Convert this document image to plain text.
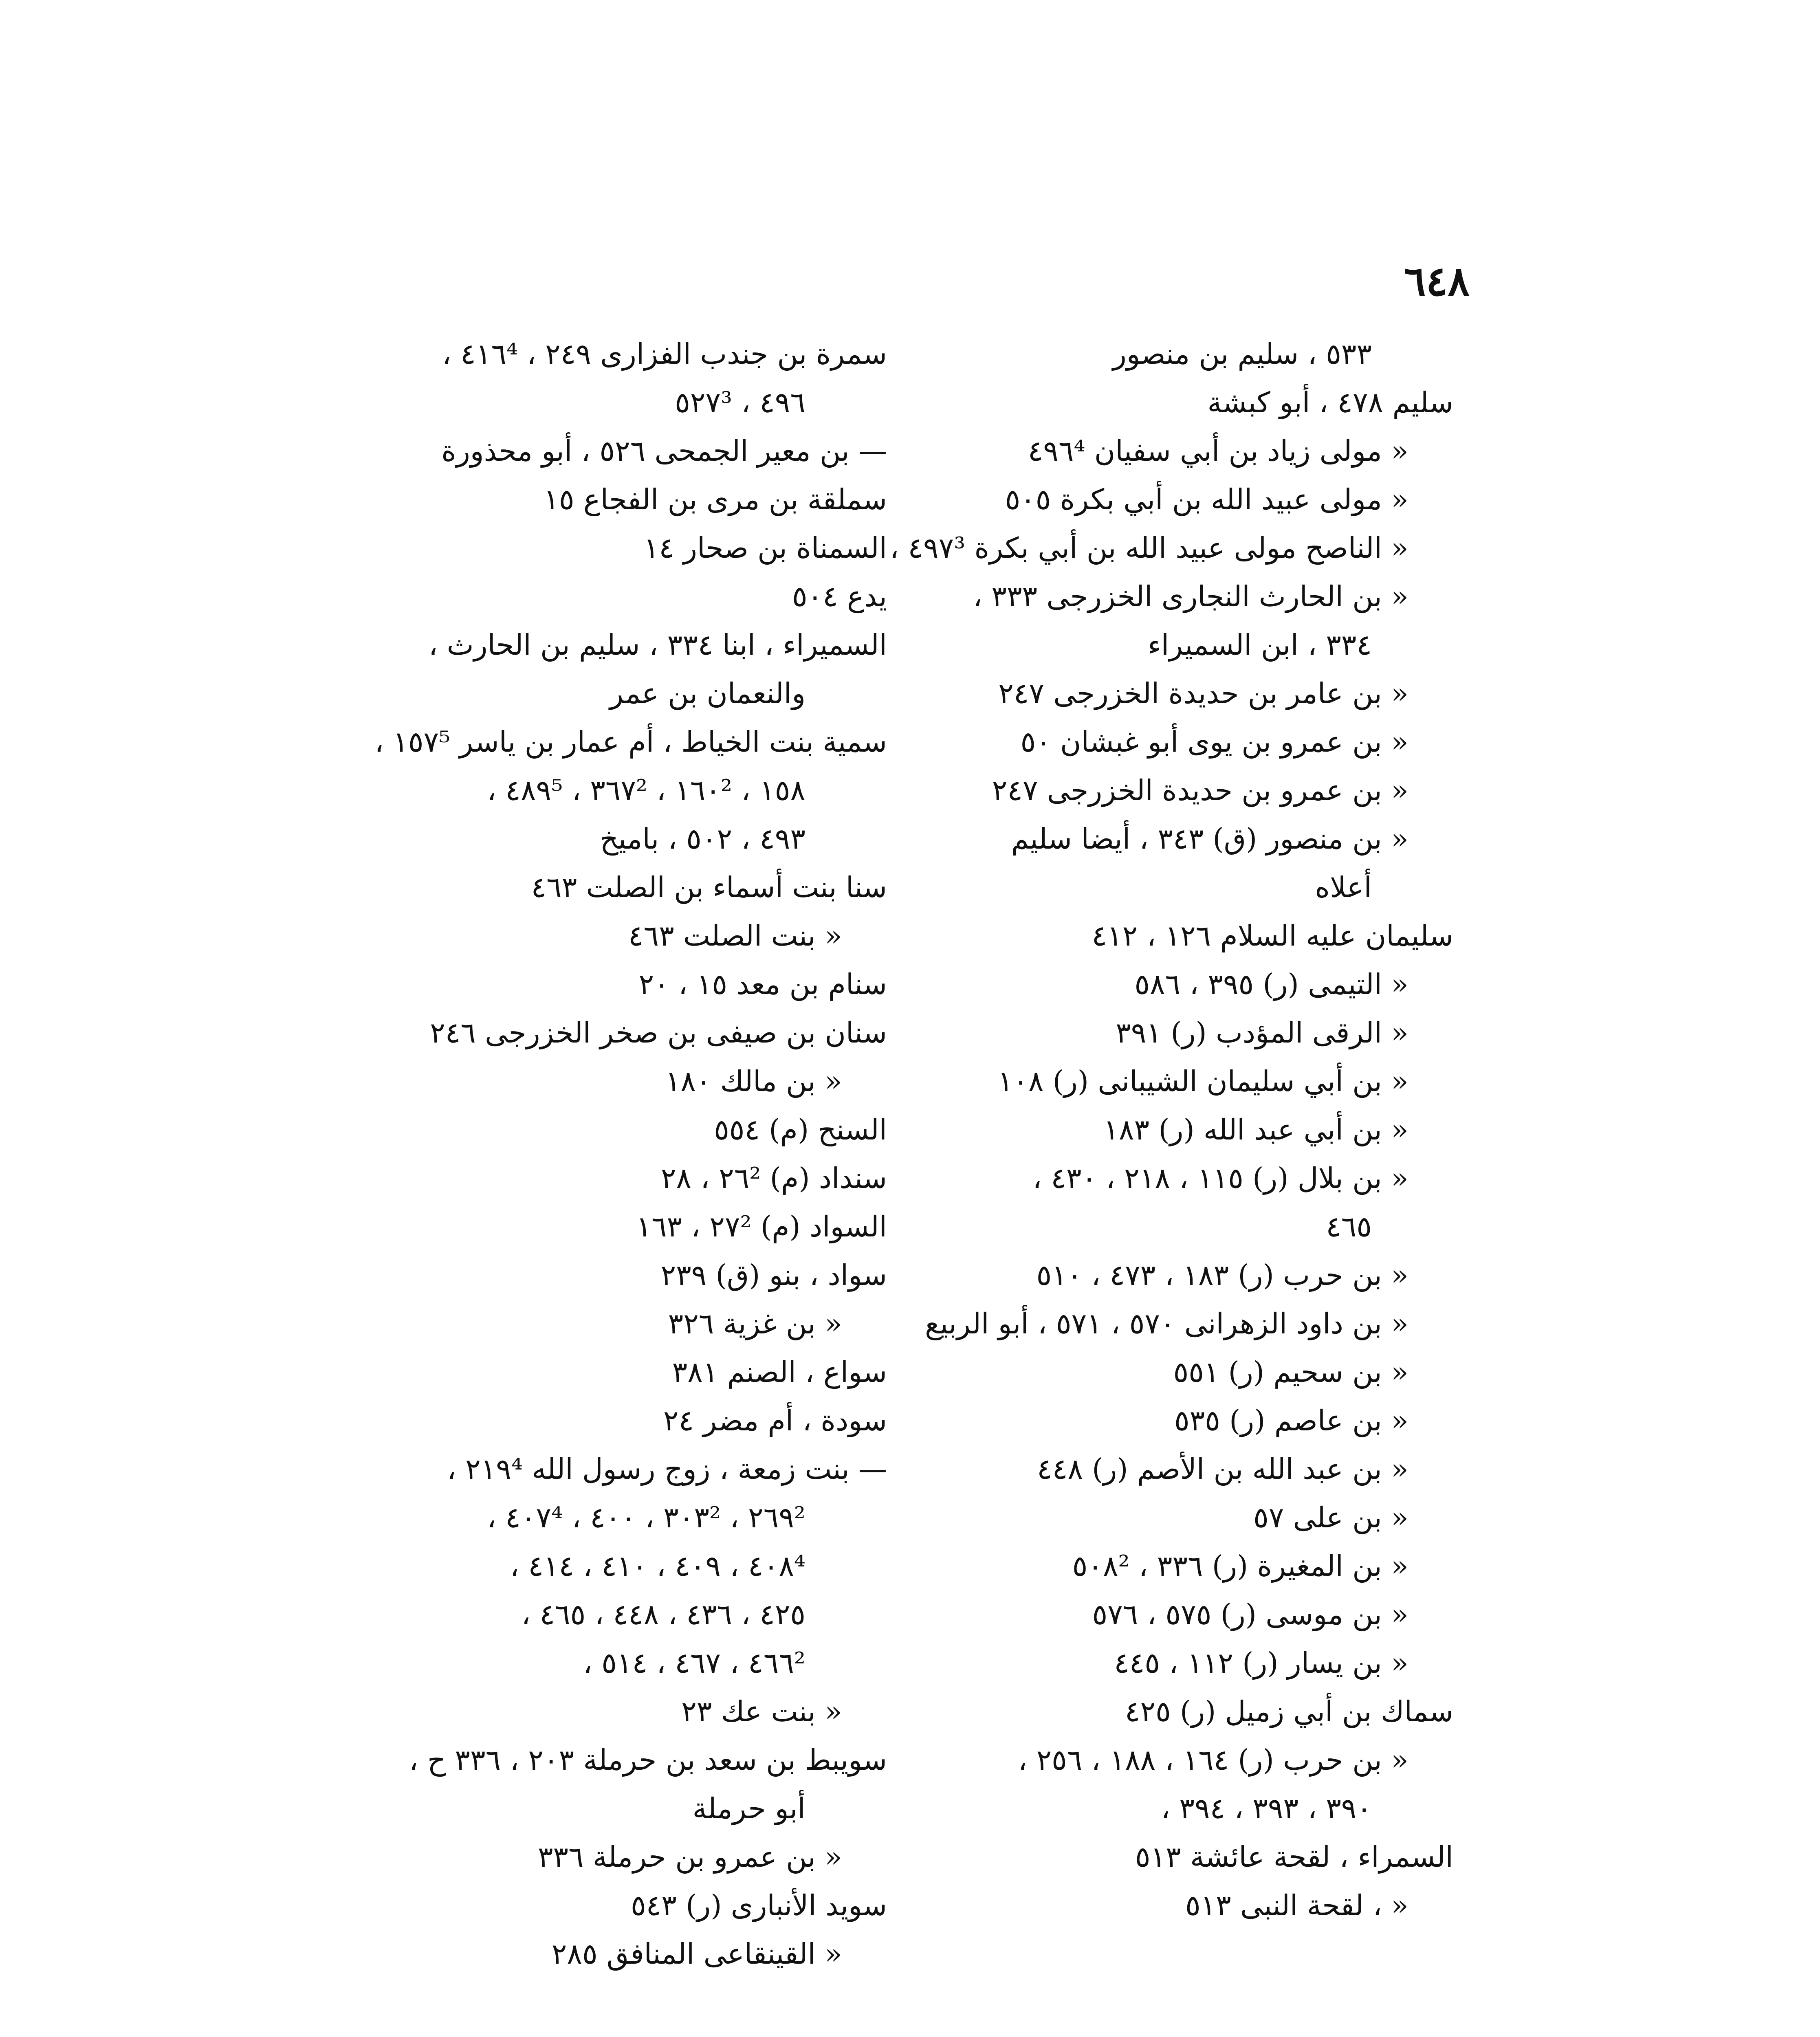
٦٤٨
٥٣٣ ، سليم بن منصور
سليم ٤٧٨ ، أبو كبشة
« مولى زياد بن أبي سفيان ٤٩٦⁴
« مولى عبيد الله بن أبي بكرة ٥٠٥
« الناصح مولى عبيد الله بن أبي بكرة ٤٩٧³ ،
« بن الحارث النجارى الخزرجى ٣٣٣ ،
٣٣٤ ، ابن السميراء
« بن عامر بن حديدة الخزرجى ٢٤٧
« بن عمرو بن يوى أبو غبشان ٥٠
« بن عمرو بن حديدة الخزرجى ٢٤٧
« بن منصور (ق) ٣٤٣ ، أيضا سليم
أعلاه
سليمان عليه السلام ١٢٦ ، ٤١٢
« التيمى (ر) ٣٩٥ ، ٥٨٦
« الرقى المؤدب (ر) ٣٩١
« بن أبي سليمان الشيبانى (ر) ١٠٨
« بن أبي عبد الله (ر) ١٨٣
« بن بلال (ر) ١١٥ ، ٢١٨ ، ٤٣٠ ،
٤٦٥
« بن حرب (ر) ١٨٣ ، ٤٧٣ ، ٥١٠
« بن داود الزهرانى ٥٧٠ ، ٥٧١ ، أبو الربيع
« بن سحيم (ر) ٥٥١
« بن عاصم (ر) ٥٣٥
« بن عبد الله بن الأصم (ر) ٤٤٨
« بن على ٥٧
« بن المغيرة (ر) ٣٣٦ ، ٥٠٨²
« بن موسى (ر) ٥٧٥ ، ٥٧٦
« بن يسار (ر) ١١٢ ، ٤٤٥
سماك بن أبي زميل (ر) ٤٢٥
« بن حرب (ر) ١٦٤ ، ١٨٨ ، ٢٥٦ ،
٣٩٠ ، ٣٩٣ ، ٣٩٤ ،
السمراء ، لقحة عائشة ٥١٣
« ، لقحة النبى ٥١٣
سمرة بن جندب الفزارى ٢٤٩ ، ٤١٦⁴ ،
٤٩٦ ، ٥٢٧³
— بن معير الجمحى ٥٢٦ ، أبو محذورة
سملقة بن مرى بن الفجاع ١٥
السمناة بن صحار ١٤
يدع ٥٠٤
السميراء ، ابنا ٣٣٤ ، سليم بن الحارث ،
والنعمان بن عمر
سمية بنت الخياط ، أم عمار بن ياسر ١٥٧⁵ ،
١٥٨ ، ١٦٠² ، ٣٦٧² ، ٤٨٩⁵ ،
٤٩٣ ، ٥٠٢ ، باميخ
سنا بنت أسماء بن الصلت ٤٦٣
« بنت الصلت ٤٦٣
سنام بن معد ١٥ ، ٢٠
سنان بن صيفى بن صخر الخزرجى ٢٤٦
« بن مالك ١٨٠
السنح (م) ٥٥٤
سنداد (م) ٢٦² ، ٢٨
السواد (م) ٢٧² ، ١٦٣
سواد ، بنو (ق) ٢٣٩
« بن غزية ٣٢٦
سواع ، الصنم ٣٨١
سودة ، أم مضر ٢٤
— بنت زمعة ، زوج رسول الله ٢١٩⁴ ،
٢٦٩² ، ٣٠٣² ، ٤٠٠ ، ٤٠٧⁴ ،
٤٠٨⁴ ، ٤٠٩ ، ٤١٠ ، ٤١٤ ،
٤٢٥ ، ٤٣٦ ، ٤٤٨ ، ٤٦٥ ،
٤٦٦² ، ٤٦٧ ، ٥١٤ ،
« بنت عك ٢٣
سويبط بن سعد بن حرملة ٢٠٣ ، ٣٣٦ ح ،
أبو حرملة
« بن عمرو بن حرملة ٣٣٦
سويد الأنبارى (ر) ٥٤٣
« القينقاعى المنافق ٢٨٥
